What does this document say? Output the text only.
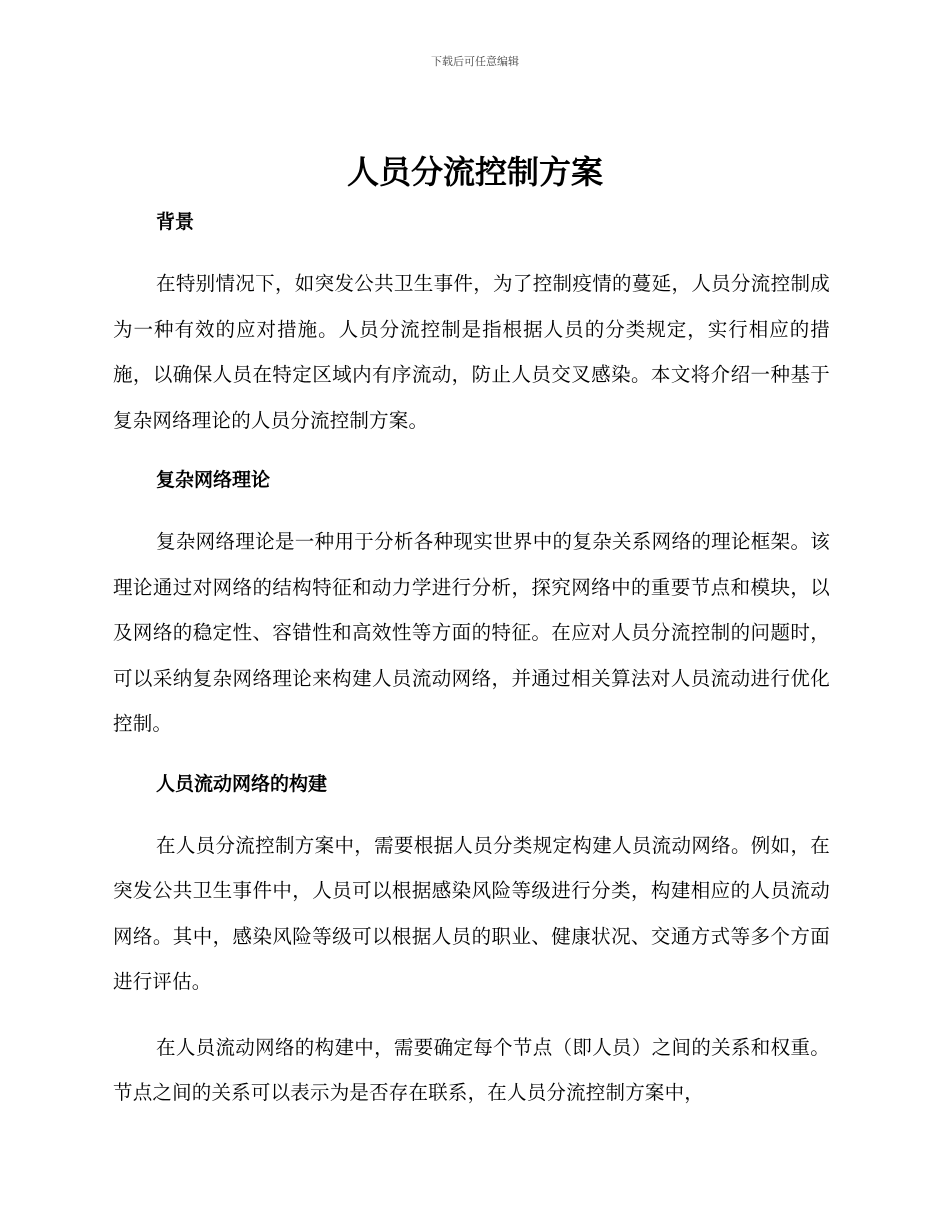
下载后可任意编辑
人员分流控制方案
背景

在特别情况下，如突发公共卫生事件，为了控制疫情的蔓延，人员分流控制成为一种有效的应对措施。人员分流控制是指根据人员的分类规定，实行相应的措施，以确保人员在特定区域内有序流动，防止人员交叉感染。本文将介绍一种基于复杂网络理论的人员分流控制方案。

复杂网络理论

复杂网络理论是一种用于分析各种现实世界中的复杂关系网络的理论框架。该理论通过对网络的结构特征和动力学进行分析，探究网络中的重要节点和模块，以及网络的稳定性、容错性和高效性等方面的特征。在应对人员分流控制的问题时，可以采纳复杂网络理论来构建人员流动网络，并通过相关算法对人员流动进行优化控制。

人员流动网络的构建

在人员分流控制方案中，需要根据人员分类规定构建人员流动网络。例如，在突发公共卫生事件中，人员可以根据感染风险等级进行分类，构建相应的人员流动网络。其中，感染风险等级可以根据人员的职业、健康状况、交通方式等多个方面进行评估。

在人员流动网络的构建中，需要确定每个节点（即人员）之间的关系和权重。节点之间的关系可以表示为是否存在联系，在人员分流控制方案中，
